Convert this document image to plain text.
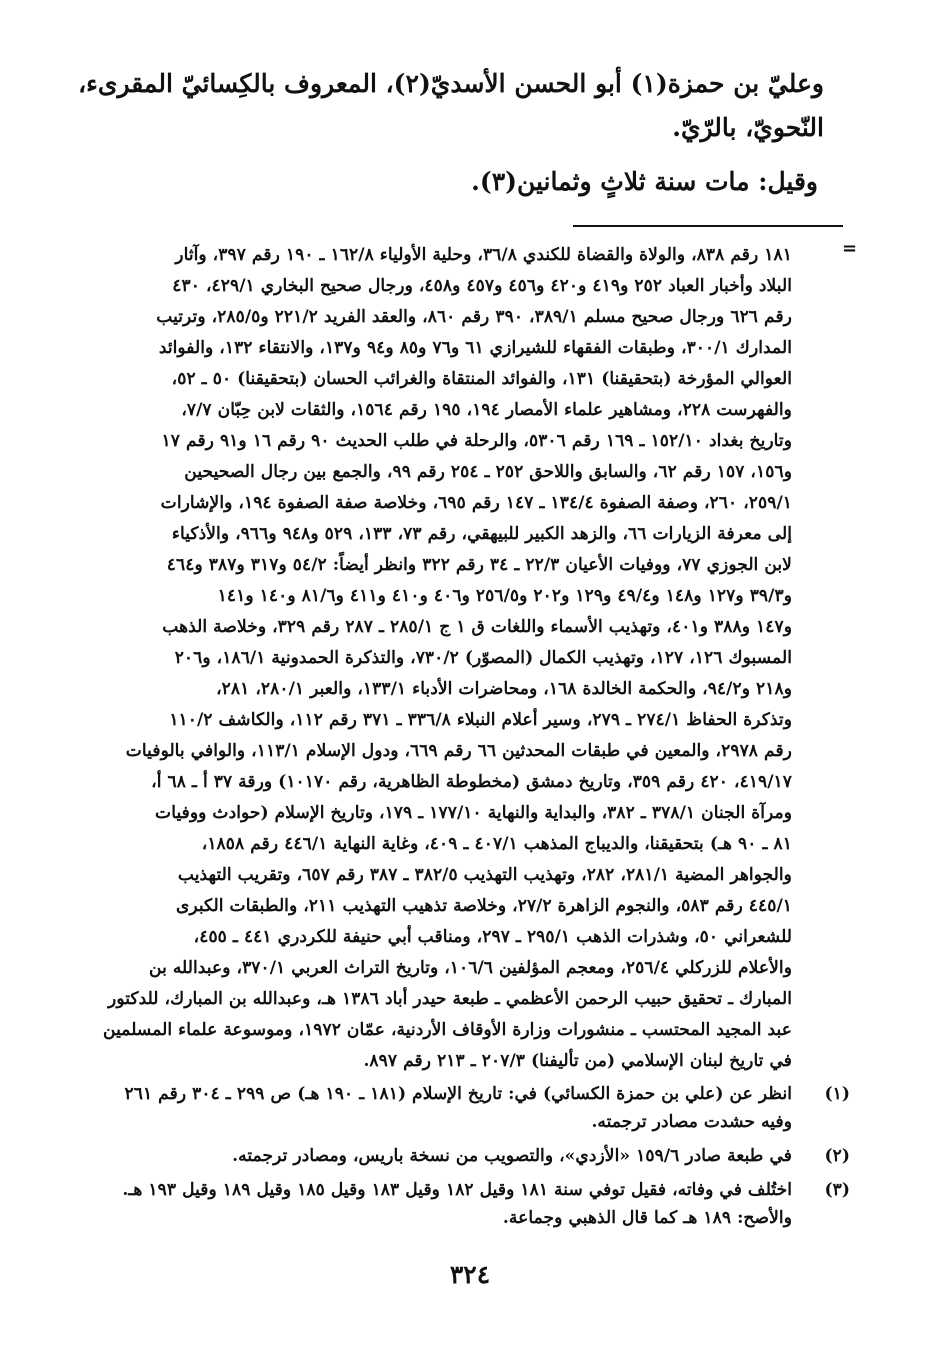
وعليّ بن حمزة(١) أبو الحسن الأسديّ(٢)، المعروف بالكِسائيّ المقرىء،
النّحويّ، بالرّيّ.

وقيل: مات سنة ثلاثٍ وثمانين(٣).

=
١٨١ رقم ٨٣٨، والولاة والقضاة للكندي ٣٦/٨، وحلية الأولياء ١٦٢/٨ ـ ١٩٠ رقم ٣٩٧، وآثار
البلاد وأخبار العباد ٢٥٢ و٤١٩ و٤٢٠ و٤٥٦ و٤٥٧ و٤٥٨، ورجال صحيح البخاري ٤٢٩/١، ٤٣٠
رقم ٦٢٦ ورجال صحيح مسلم ٣٨٩/١، ٣٩٠ رقم ٨٦٠، والعقد الفريد ٢٢١/٢ و٢٨٥/٥، وترتيب
المدارك ٣٠٠/١، وطبقات الفقهاء للشيرازي ٦١ و٧٦ و٨٥ و٩٤ و١٣٧، والانتقاء ١٣٢، والفوائد
العوالي المؤرخة (بتحقيقنا) ١٣١، والفوائد المنتقاة والغرائب الحسان (بتحقيقنا) ٥٠ ـ ٥٢،
والفهرست ٢٢٨، ومشاهير علماء الأمصار ١٩٤، ١٩٥ رقم ١٥٦٤، والثقات لابن حِبّان ٧/٧،
وتاريخ بغداد ١٥٢/١٠ ـ ١٦٩ رقم ٥٣٠٦، والرحلة في طلب الحديث ٩٠ رقم ١٦ و٩١ رقم ١٧
و١٥٦، ١٥٧ رقم ٦٢، والسابق واللاحق ٢٥٢ ـ ٢٥٤ رقم ٩٩، والجمع بين رجال الصحيحين
٢٥٩/١، ٢٦٠، وصفة الصفوة ١٣٤/٤ ـ ١٤٧ رقم ٦٩٥، وخلاصة صفة الصفوة ١٩٤، والإشارات
إلى معرفة الزيارات ٦٦، والزهد الكبير للبيهقي، رقم ٧٣، ١٣٣، ٥٢٩ و٩٤٨ و٩٦٦، والأذكياء
لابن الجوزي ٧٧، ووفيات الأعيان ٢٢/٣ ـ ٣٤ رقم ٣٢٢ وانظر أيضاً: ٥٤/٢ و٣١٧ و٣٨٧ و٤٦٤
و٣٩/٣ و١٢٧ و١٤٨ و٤٩/٤ و١٢٩ و٢٠٢ و٢٥٦/٥ و٤٠٦ و٤١٠ و٤١١ و٨١/٦ و١٤٠ و١٤١
و١٤٧ و٣٨٨ و٤٠١، وتهذيب الأسماء واللغات ق ١ ج ٢٨٥/١ ـ ٢٨٧ رقم ٣٢٩، وخلاصة الذهب
المسبوك ١٢٦، ١٢٧، وتهذيب الكمال (المصوّر) ٧٣٠/٢، والتذكرة الحمدونية ١٨٦/١، و٢٠٦
و٢١٨ و٩٤/٢، والحكمة الخالدة ١٦٨، ومحاضرات الأدباء ١٣٣/١، والعبر ٢٨٠/١، ٢٨١،
وتذكرة الحفاظ ٢٧٤/١ ـ ٢٧٩، وسير أعلام النبلاء ٣٣٦/٨ ـ ٣٧١ رقم ١١٢، والكاشف ١١٠/٢
رقم ٢٩٧٨، والمعين في طبقات المحدثين ٦٦ رقم ٦٦٩، ودول الإسلام ١١٣/١، والوافي بالوفيات
٤١٩/١٧، ٤٢٠ رقم ٣٥٩، وتاريخ دمشق (مخطوطة الظاهرية، رقم ١٠١٧٠) ورقة ٣٧ أ ـ ٦٨ أ،
ومرآة الجنان ٣٧٨/١ ـ ٣٨٢، والبداية والنهاية ١٧٧/١٠ ـ ١٧٩، وتاريخ الإسلام (حوادث ووفيات
٨١ ـ ٩٠ هـ) بتحقيقنا، والديباج المذهب ٤٠٧/١ ـ ٤٠٩، وغاية النهاية ٤٤٦/١ رقم ١٨٥٨،
والجواهر المضية ٢٨١/١، ٢٨٢، وتهذيب التهذيب ٣٨٢/٥ ـ ٣٨٧ رقم ٦٥٧، وتقريب التهذيب
٤٤٥/١ رقم ٥٨٣، والنجوم الزاهرة ٢٧/٢، وخلاصة تذهيب التهذيب ٢١١، والطبقات الكبرى
للشعراني ٥٠، وشذرات الذهب ٢٩٥/١ ـ ٢٩٧، ومناقب أبي حنيفة للكردري ٤٤١ ـ ٤٥٥،
والأعلام للزركلي ٢٥٦/٤، ومعجم المؤلفين ١٠٦/٦، وتاريخ التراث العربي ٣٧٠/١، وعبدالله بن
المبارك ـ تحقيق حبيب الرحمن الأعظمي ـ طبعة حيدر أباد ١٣٨٦ هـ، وعبدالله بن المبارك، للدكتور
عبد المجيد المحتسب ـ منشورات وزارة الأوقاف الأردنية، عمّان ١٩٧٢، وموسوعة علماء المسلمين
في تاريخ لبنان الإسلامي (من تأليفنا) ٢٠٧/٣ ـ ٢١٣ رقم ٨٩٧.
(١)
انظر عن (علي بن حمزة الكسائي) في: تاريخ الإسلام (١٨١ ـ ١٩٠ هـ) ص ٢٩٩ ـ ٣٠٤ رقم ٢٦١
وفيه حشدت مصادر ترجمته.
(٢)
في طبعة صادر ١٥٩/٦ «الأزدي»، والتصويب من نسخة باريس، ومصادر ترجمته.
(٣)
اختُلف في وفاته، فقيل توفي سنة ١٨١ وقيل ١٨٢ وقيل ١٨٣ وقيل ١٨٥ وقيل ١٨٩ وقيل ١٩٣ هـ.
والأصح: ١٨٩ هـ كما قال الذهبي وجماعة.
٣٢٤
